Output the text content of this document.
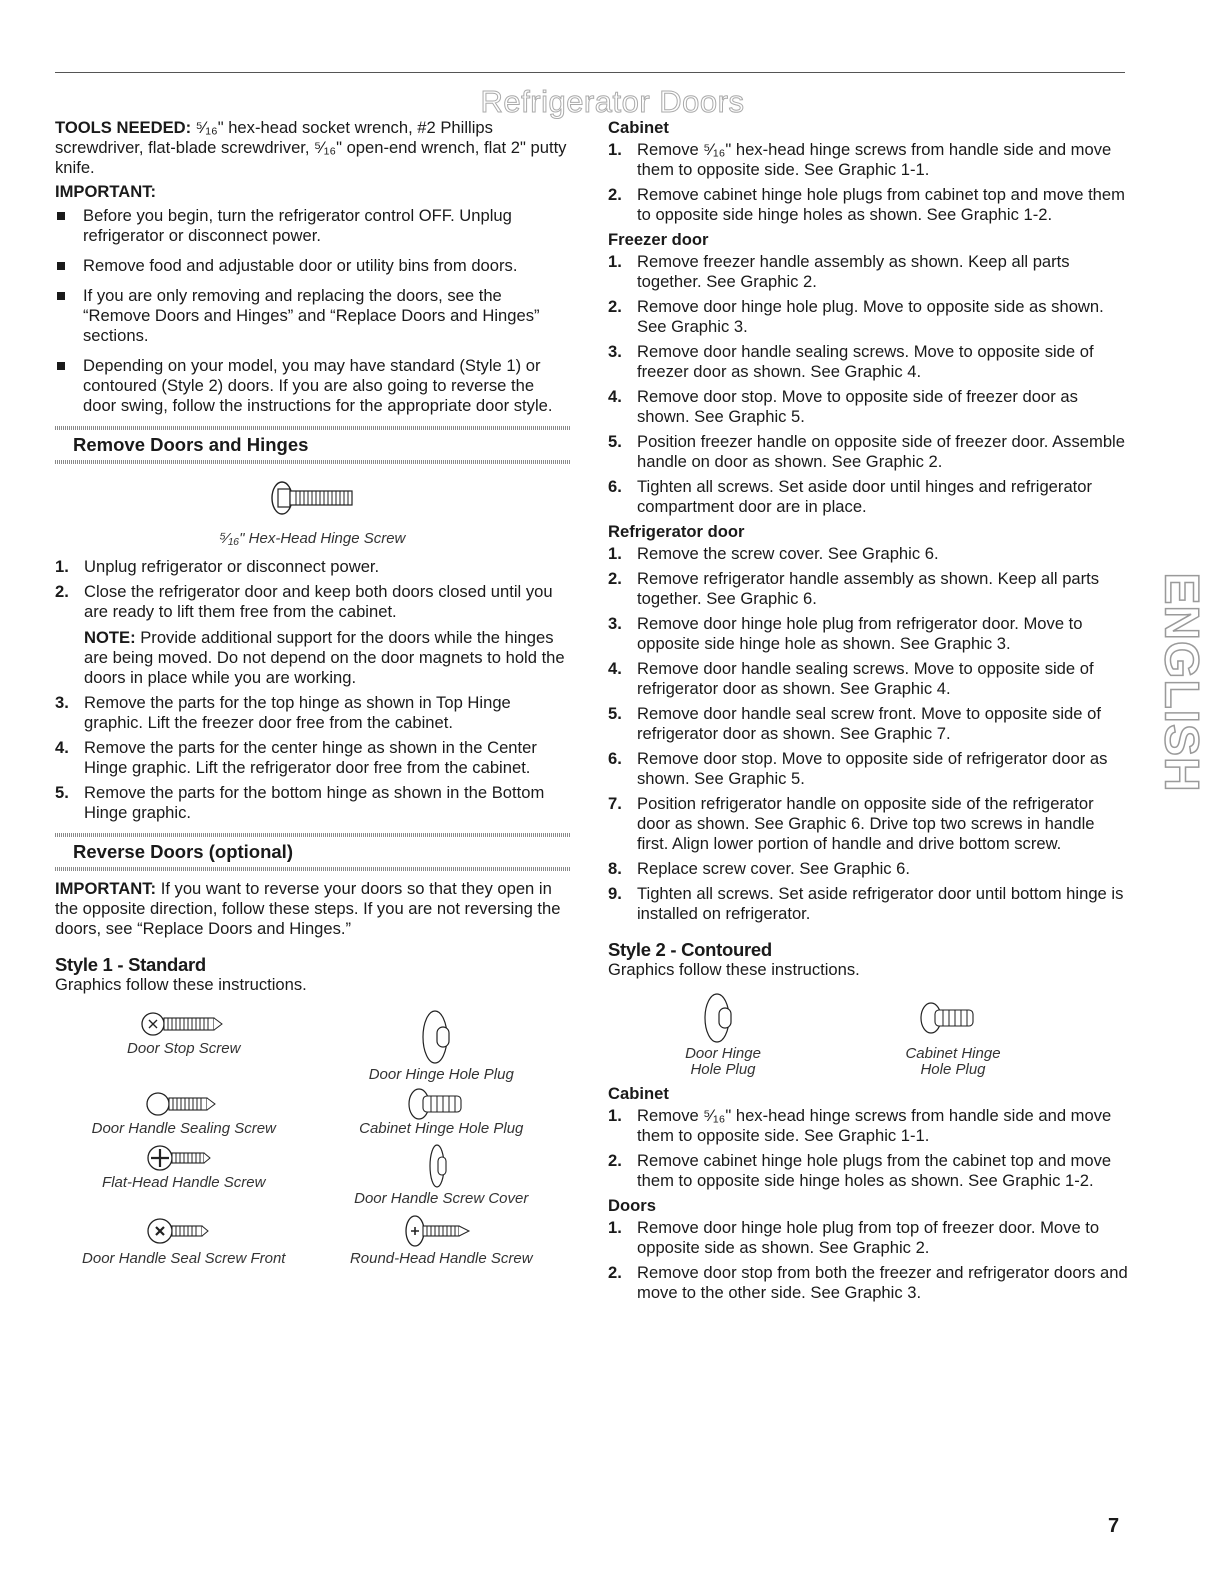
Refrigerator Doors

TOOLS NEEDED: ⁵⁄₁₆" hex-head socket wrench, #2 Phillips screwdriver, flat-blade screwdriver, ⁵⁄₁₆" open-end wrench, flat 2" putty knife.

IMPORTANT:

Before you begin, turn the refrigerator control OFF. Unplug refrigerator or disconnect power.
Remove food and adjustable door or utility bins from doors.
If you are only removing and replacing the doors, see the “Remove Doors and Hinges” and “Replace Doors and Hinges” sections.
Depending on your model, you may have standard (Style 1) or contoured (Style 2) doors. If you are also going to reverse the door swing, follow the instructions for the appropriate door style.
Remove Doors and Hinges
⁵⁄₁₆" Hex-Head Hinge Screw
1. Unplug refrigerator or disconnect power.
2. Close the refrigerator door and keep both doors closed until you are ready to lift them free from the cabinet.

NOTE: Provide additional support for the doors while the hinges are being moved. Do not depend on the door magnets to hold the doors in place while you are working.

3. Remove the parts for the top hinge as shown in Top Hinge graphic. Lift the freezer door free from the cabinet.
4. Remove the parts for the center hinge as shown in the Center Hinge graphic. Lift the refrigerator door free from the cabinet.
5. Remove the parts for the bottom hinge as shown in the Bottom Hinge graphic.
Reverse Doors (optional)

IMPORTANT: If you want to reverse your doors so that they open in the opposite direction, follow these steps. If you are not reversing the doors, see “Replace Doors and Hinges.”

Style 1 - Standard

Graphics follow these instructions.

Door Stop Screw
Door Hinge Hole Plug
Door Handle Sealing Screw	Cabinet Hinge Hole Plug
Flat-Head Handle Screw
Door Handle Screw Cover
Door Handle Seal Screw Front	Round-Head Handle Screw

Cabinet

1. Remove ⁵⁄₁₆" hex-head hinge screws from handle side and move them to opposite side. See Graphic 1-1.
2. Remove cabinet hinge hole plugs from cabinet top and move them to opposite side hinge holes as shown. See Graphic 1-2.

Freezer door

1. Remove freezer handle assembly as shown. Keep all parts together. See Graphic 2.
2. Remove door hinge hole plug. Move to opposite side as shown. See Graphic 3.
3. Remove door handle sealing screws. Move to opposite side of freezer door as shown. See Graphic 4.
4. Remove door stop. Move to opposite side of freezer door as shown. See Graphic 5.
5. Position freezer handle on opposite side of freezer door. Assemble handle on door as shown. See Graphic 2.
6. Tighten all screws. Set aside door until hinges and refrigerator compartment door are in place.

Refrigerator door

1. Remove the screw cover. See Graphic 6.
2. Remove refrigerator handle assembly as shown. Keep all parts together. See Graphic 6.
3. Remove door hinge hole plug from refrigerator door. Move to opposite side hinge hole as shown. See Graphic 3.
4. Remove door handle sealing screws. Move to opposite side of refrigerator door as shown. See Graphic 4.
5. Remove door handle seal screw front. Move to opposite side of refrigerator door as shown. See Graphic 7.
6. Remove door stop. Move to opposite side of refrigerator door as shown. See Graphic 5.
7. Position refrigerator handle on opposite side of the refrigerator door as shown. See Graphic 6. Drive top two screws in handle first. Align lower portion of handle and drive bottom screw.
8. Replace screw cover. See Graphic 6.
9. Tighten all screws. Set aside refrigerator door until bottom hinge is installed on refrigerator.

Style 2 - Contoured

Graphics follow these instructions.

Door Hinge
Hole Plug
Cabinet Hinge
Hole Plug

Cabinet

1. Remove ⁵⁄₁₆" hex-head hinge screws from handle side and move them to opposite side. See Graphic 1-1.
2. Remove cabinet hinge hole plugs from the cabinet top and move them to opposite side hinge holes as shown. See Graphic 1-2.

Doors

1. Remove door hinge hole plug from top of freezer door. Move to opposite side as shown. See Graphic 2.
2. Remove door stop from both the freezer and refrigerator doors and move to the other side. See Graphic 3.
ENGLISH
7
